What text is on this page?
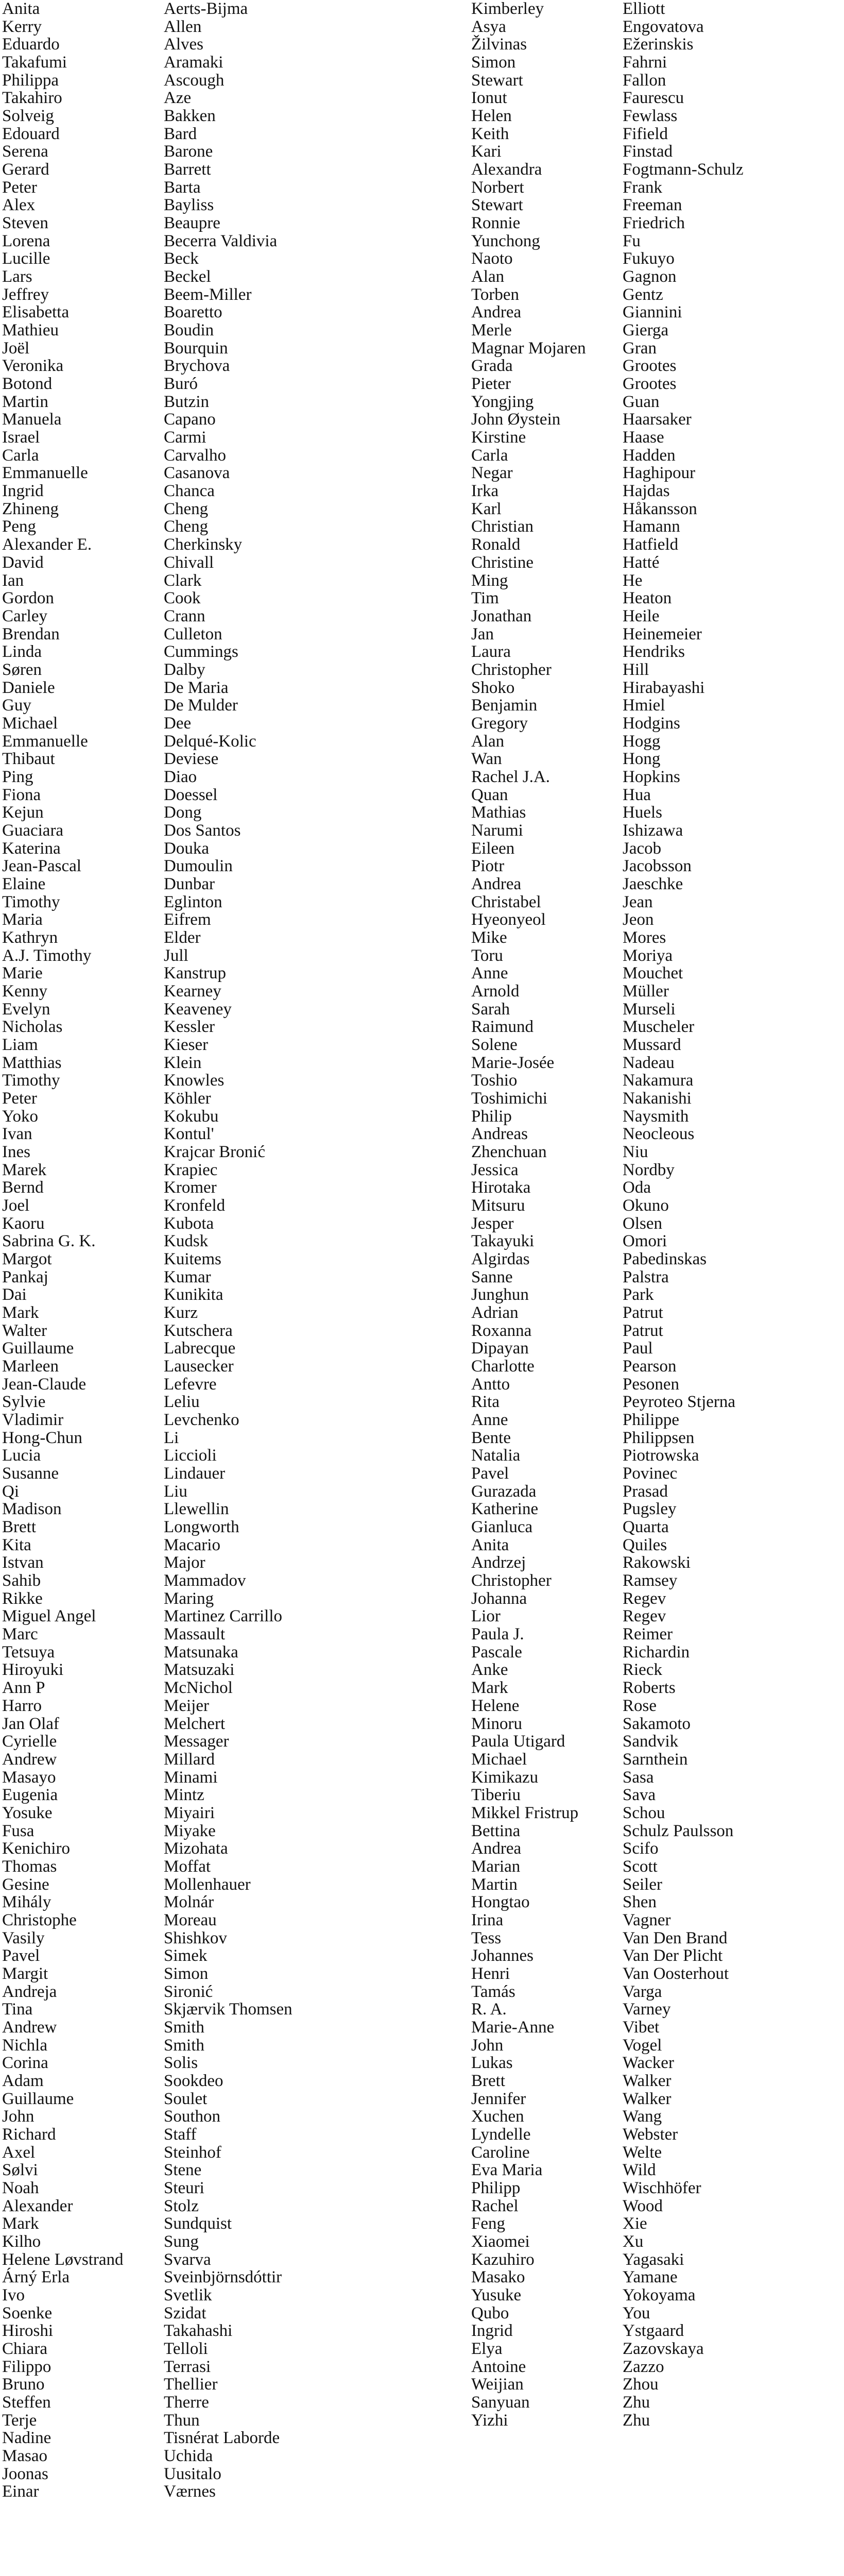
Anita
Kerry
Eduardo
Takafumi
Philippa
Takahiro
Solveig
Edouard
Serena
Gerard
Peter
Alex
Steven
Lorena
Lucille
Lars
Jeffrey
Elisabetta
Mathieu
Joël
Veronika
Botond
Martin
Manuela
Israel
Carla
Emmanuelle
Ingrid
Zhineng
Peng
Alexander E.
David
Ian
Gordon
Carley
Brendan
Linda
Søren
Daniele
Guy
Michael
Emmanuelle
Thibaut
Ping
Fiona
Kejun
Guaciara
Katerina
Jean-Pascal
Elaine
Timothy
Maria
Kathryn
A.J. Timothy
Marie
Kenny
Evelyn
Nicholas
Liam
Matthias
Timothy
Peter
Yoko
Ivan
Ines
Marek
Bernd
Joel
Kaoru
Sabrina G. K.
Margot
Pankaj
Dai
Mark
Walter
Guillaume
Marleen
Jean-Claude
Sylvie
Vladimir
Hong-Chun
Lucia
Susanne
Qi
Madison
Brett
Kita
Istvan
Sahib
Rikke
Miguel Angel
Marc
Tetsuya
Hiroyuki
Ann P
Harro
Jan Olaf
Cyrielle
Andrew
Masayo
Eugenia
Yosuke
Fusa
Kenichiro
Thomas
Gesine
Mihály
Christophe
Vasily
Pavel
Margit
Andreja
Tina
Andrew
Nichla
Corina
Adam
Guillaume
John
Richard
Axel
Sølvi
Noah
Alexander
Mark
Kilho
Helene Løvstrand
Árný Erla
Ivo
Soenke
Hiroshi
Chiara
Filippo
Bruno
Steffen
Terje
Nadine
Masao
Joonas
Einar
Aerts-Bijma
Allen
Alves
Aramaki
Ascough
Aze
Bakken
Bard
Barone
Barrett
Barta
Bayliss
Beaupre
Becerra Valdivia
Beck
Beckel
Beem-Miller
Boaretto
Boudin
Bourquin
Brychova
Buró
Butzin
Capano
Carmi
Carvalho
Casanova
Chanca
Cheng
Cheng
Cherkinsky
Chivall
Clark
Cook
Crann
Culleton
Cummings
Dalby
De Maria
De Mulder
Dee
Delqué-Kolic
Deviese
Diao
Doessel
Dong
Dos Santos
Douka
Dumoulin
Dunbar
Eglinton
Eifrem
Elder
Jull
Kanstrup
Kearney
Keaveney
Kessler
Kieser
Klein
Knowles
Köhler
Kokubu
Kontul'
Krajcar Bronić
Krapiec
Kromer
Kronfeld
Kubota
Kudsk
Kuitems
Kumar
Kunikita
Kurz
Kutschera
Labrecque
Lausecker
Lefevre
Leliu
Levchenko
Li
Liccioli
Lindauer
Liu
Llewellin
Longworth
Macario
Major
Mammadov
Maring
Martinez Carrillo
Massault
Matsunaka
Matsuzaki
McNichol
Meijer
Melchert
Messager
Millard
Minami
Mintz
Miyairi
Miyake
Mizohata
Moffat
Mollenhauer
Molnár
Moreau
Shishkov
Simek
Simon
Sironić
Skjærvik Thomsen
Smith
Smith
Solis
Sookdeo
Soulet
Southon
Staff
Steinhof
Stene
Steuri
Stolz
Sundquist
Sung
Svarva
Sveinbjörnsdóttir
Svetlik
Szidat
Takahashi
Telloli
Terrasi
Thellier
Therre
Thun
Tisnérat Laborde
Uchida
Uusitalo
Værnes
Kimberley
Asya
Žilvinas
Simon
Stewart
Ionut
Helen
Keith
Kari
Alexandra
Norbert
Stewart
Ronnie
Yunchong
Naoto
Alan
Torben
Andrea
Merle
Magnar Mojaren
Grada
Pieter
Yongjing
John Øystein
Kirstine
Carla
Negar
Irka
Karl
Christian
Ronald
Christine
Ming
Tim
Jonathan
Jan
Laura
Christopher
Shoko
Benjamin
Gregory
Alan
Wan
Rachel J.A.
Quan
Mathias
Narumi
Eileen
Piotr
Andrea
Christabel
Hyeonyeol
Mike
Toru
Anne
Arnold
Sarah
Raimund
Solene
Marie-Josée
Toshio
Toshimichi
Philip
Andreas
Zhenchuan
Jessica
Hirotaka
Mitsuru
Jesper
Takayuki
Algirdas
Sanne
Junghun
Adrian
Roxanna
Dipayan
Charlotte
Antto
Rita
Anne
Bente
Natalia
Pavel
Gurazada
Katherine
Gianluca
Anita
Andrzej
Christopher
Johanna
Lior
Paula J.
Pascale
Anke
Mark
Helene
Minoru
Paula Utigard
Michael
Kimikazu
Tiberiu
Mikkel Fristrup
Bettina
Andrea
Marian
Martin
Hongtao
Irina
Tess
Johannes
Henri
Tamás
R. A.
Marie-Anne
John
Lukas
Brett
Jennifer
Xuchen
Lyndelle
Caroline
Eva Maria
Philipp
Rachel
Feng
Xiaomei
Kazuhiro
Masako
Yusuke
Qubo
Ingrid
Elya
Antoine
Weijian
Sanyuan
Yizhi
Elliott
Engovatova
Ežerinskis
Fahrni
Fallon
Faurescu
Fewlass
Fifield
Finstad
Fogtmann-Schulz
Frank
Freeman
Friedrich
Fu
Fukuyo
Gagnon
Gentz
Giannini
Gierga
Gran
Grootes
Grootes
Guan
Haarsaker
Haase
Hadden
Haghipour
Hajdas
Håkansson
Hamann
Hatfield
Hatté
He
Heaton
Heile
Heinemeier
Hendriks
Hill
Hirabayashi
Hmiel
Hodgins
Hogg
Hong
Hopkins
Hua
Huels
Ishizawa
Jacob
Jacobsson
Jaeschke
Jean
Jeon
Mores
Moriya
Mouchet
Müller
Murseli
Muscheler
Mussard
Nadeau
Nakamura
Nakanishi
Naysmith
Neocleous
Niu
Nordby
Oda
Okuno
Olsen
Omori
Pabedinskas
Palstra
Park
Patrut
Patrut
Paul
Pearson
Pesonen
Peyroteo Stjerna
Philippe
Philippsen
Piotrowska
Povinec
Prasad
Pugsley
Quarta
Quiles
Rakowski
Ramsey
Regev
Regev
Reimer
Richardin
Rieck
Roberts
Rose
Sakamoto
Sandvik
Sarnthein
Sasa
Sava
Schou
Schulz Paulsson
Scifo
Scott
Seiler
Shen
Vagner
Van Den Brand
Van Der Plicht
Van Oosterhout
Varga
Varney
Vibet
Vogel
Wacker
Walker
Walker
Wang
Webster
Welte
Wild
Wischhöfer
Wood
Xie
Xu
Yagasaki
Yamane
Yokoyama
You
Ystgaard
Zazovskaya
Zazzo
Zhou
Zhu
Zhu
